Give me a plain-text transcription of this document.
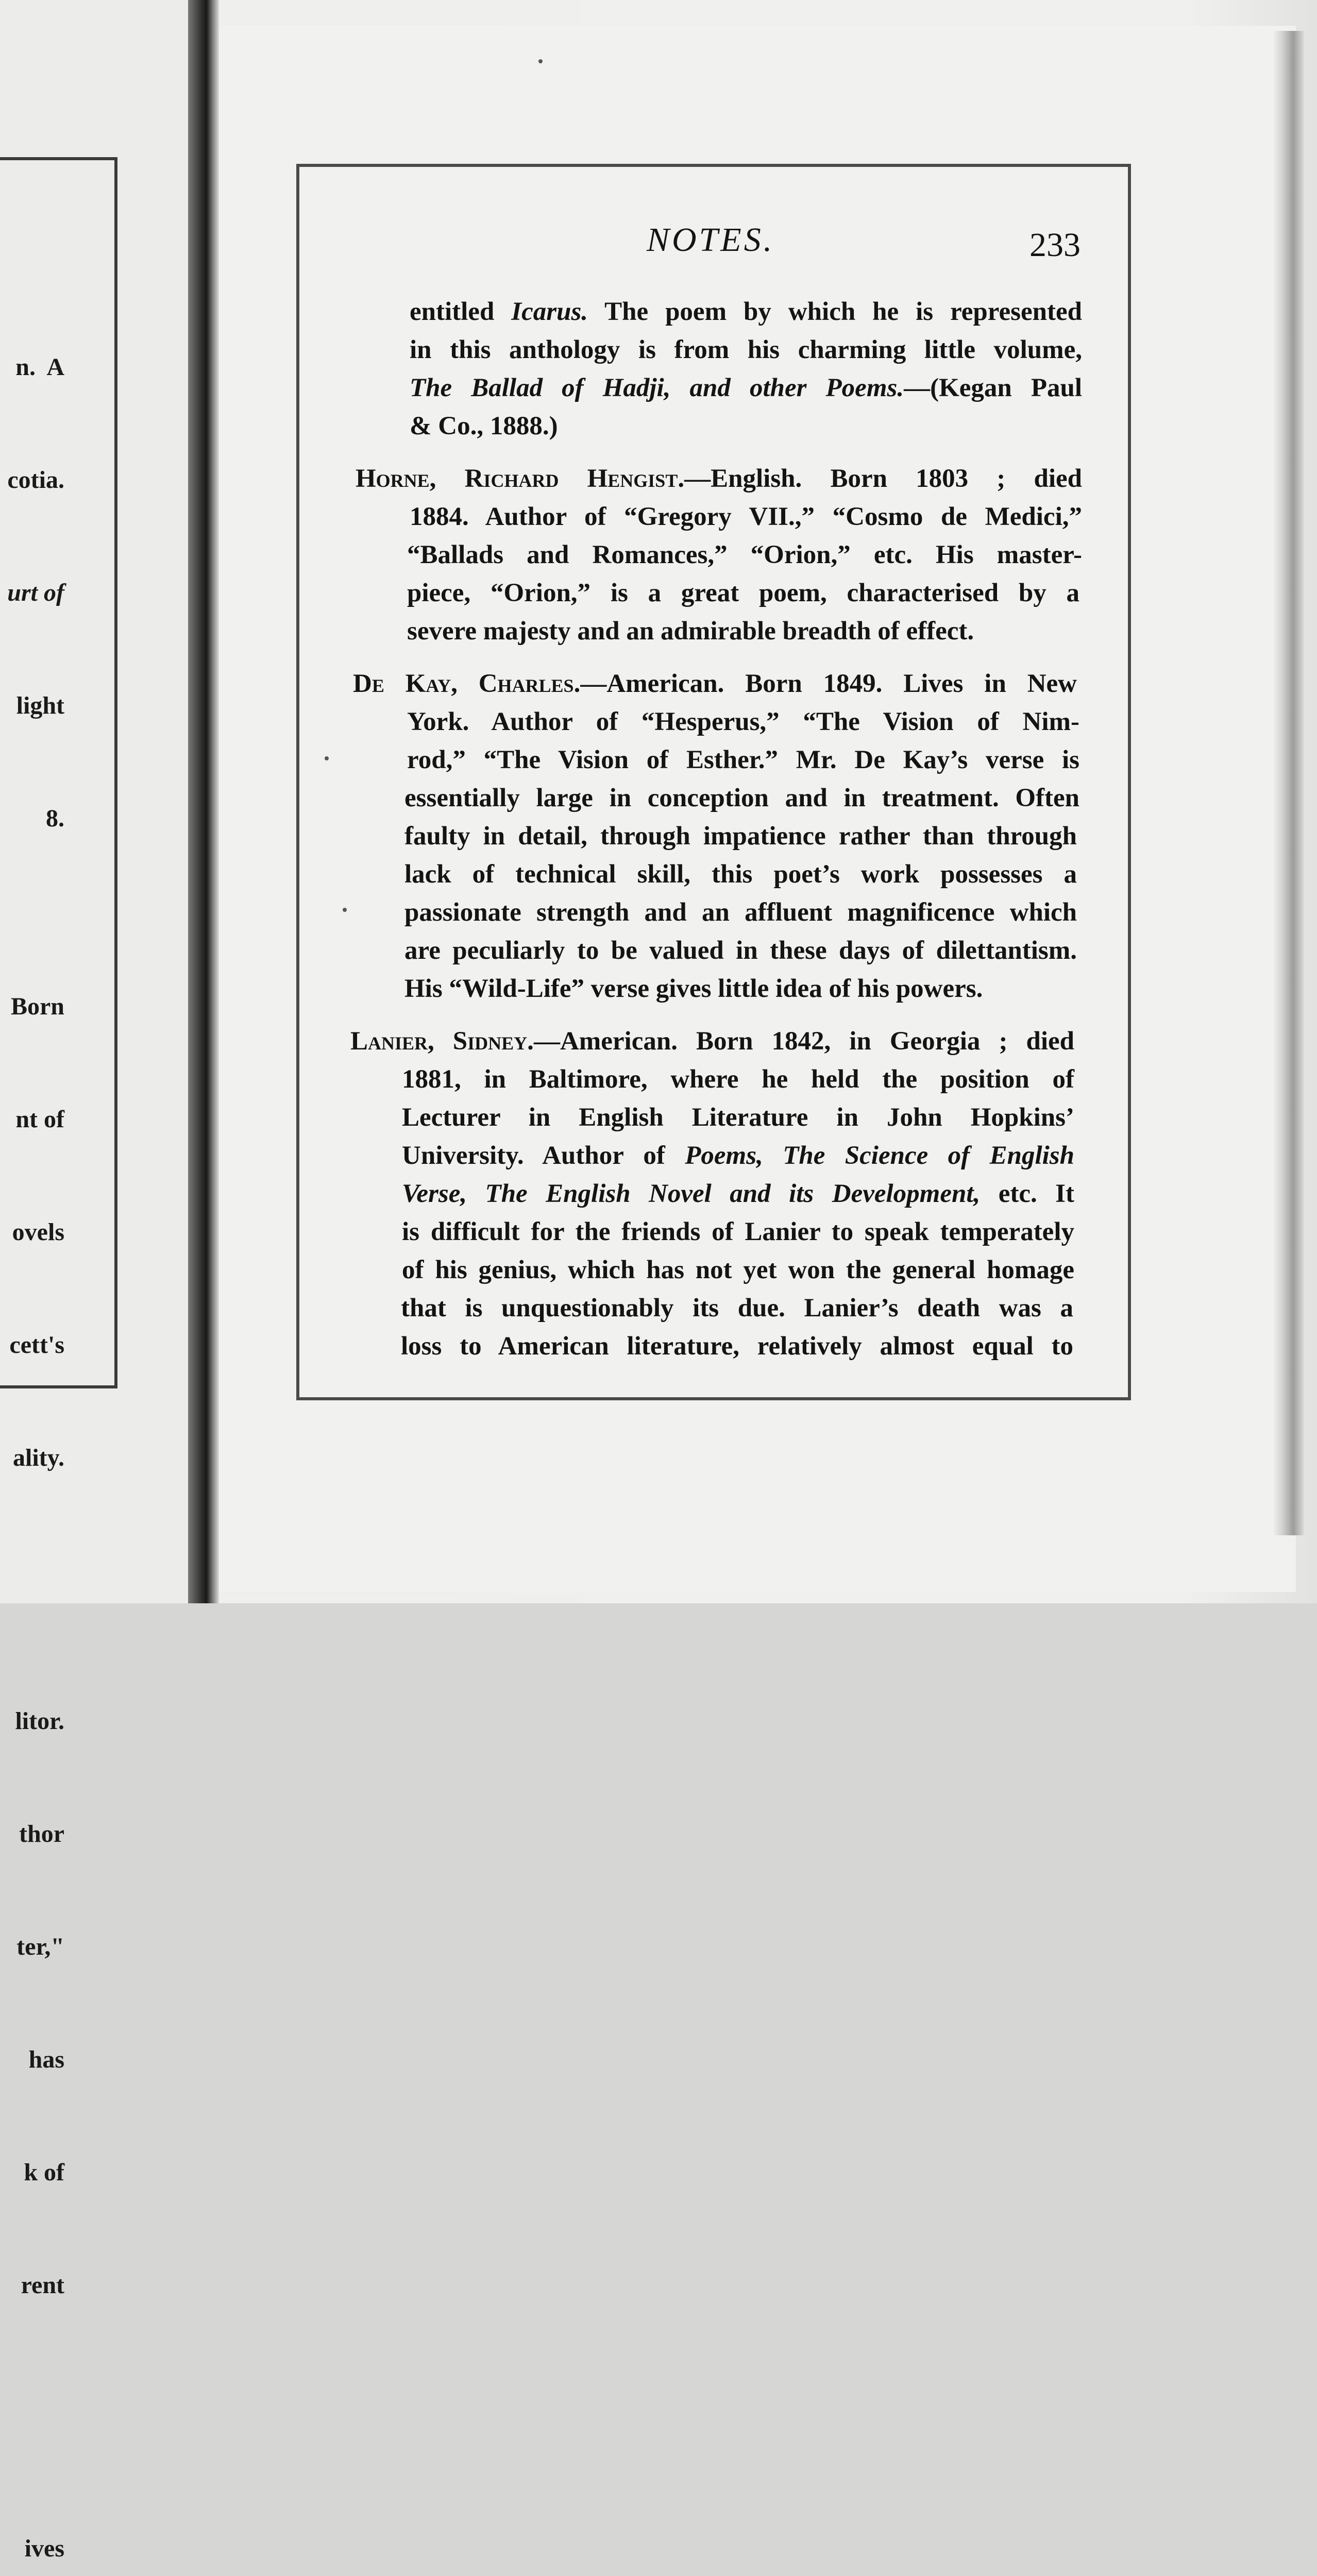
n.  A

cotia.

urt of

light

8.

Born

nt of

ovels

cett's

ality.

litor.

thor

ter,"

has

k of

rent

ives

NOTES.	233
entitled Icarus. The poem by which he is represented
in this anthology is from his charming little volume,
The Ballad of Hadji, and other Poems.—(Kegan Paul
& Co., 1888.)
Horne, Richard Hengist.—English. Born 1803 ; died
1884. Author of “Gregory VII.,” “Cosmo de Medici,”
“Ballads and Romances,” “Orion,” etc. His master-
piece, “Orion,” is a great poem, characterised by a
severe majesty and an admirable breadth of effect.
De Kay, Charles.—American. Born 1849. Lives in New
York. Author of “Hesperus,” “The Vision of Nim-
rod,” “The Vision of Esther.” Mr. De Kay’s verse is
essentially large in conception and in treatment. Often
faulty in detail, through impatience rather than through
lack of technical skill, this poet’s work possesses a
passionate strength and an affluent magnificence which
are peculiarly to be valued in these days of dilettantism.
His “Wild-Life” verse gives little idea of his powers.
Lanier, Sidney.—American. Born 1842, in Georgia ; died
1881, in Baltimore, where he held the position of
Lecturer in English Literature in John Hopkins’
University. Author of Poems, The Science of English
Verse, The English Novel and its Development, etc. It
is difficult for the friends of Lanier to speak temperately
of his genius, which has not yet won the general homage
that is unquestionably its due. Lanier’s death was a
loss to American literature, relatively almost equal to
